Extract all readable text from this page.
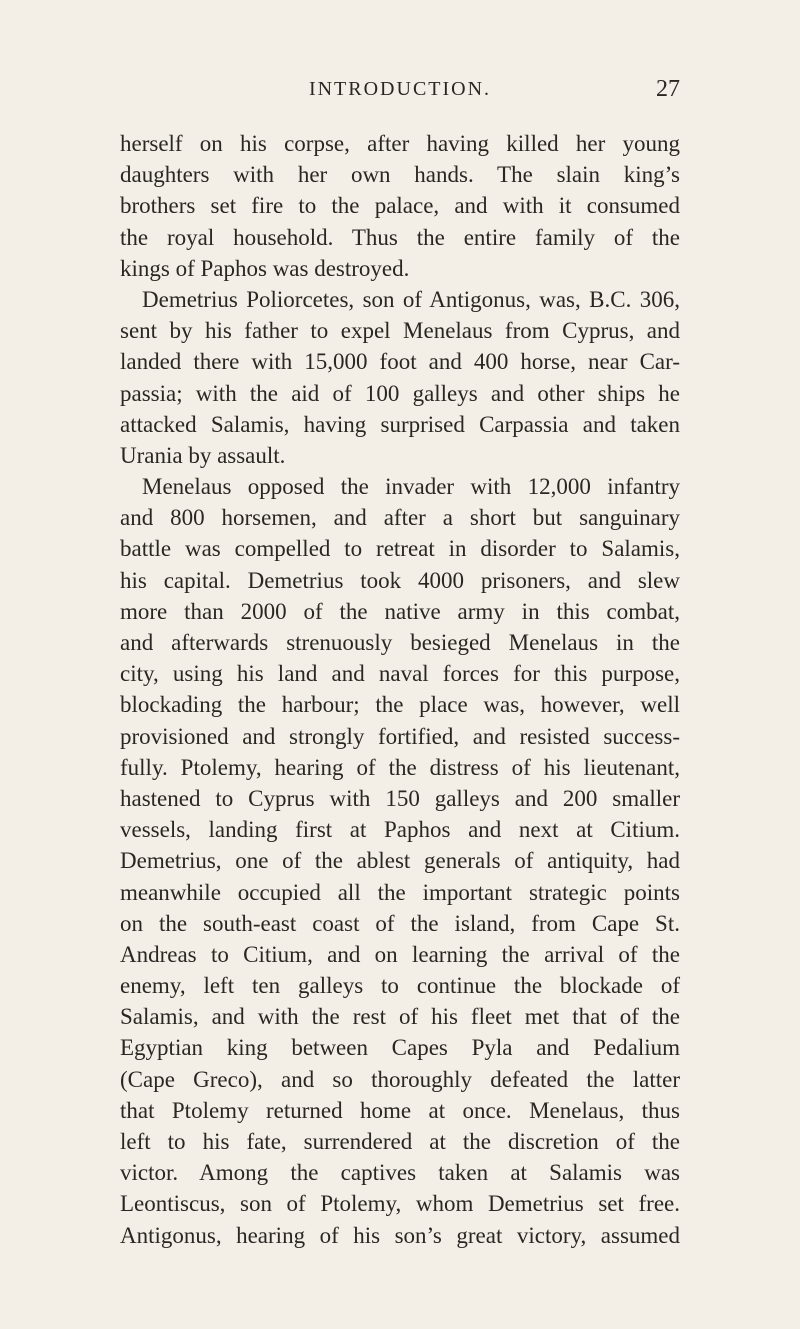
INTRODUCTION.	27
herself on his corpse, after having killed her young
daughters with her own hands. The slain king’s
brothers set fire to the palace, and with it consumed
the royal household. Thus the entire family of the
kings of Paphos was destroyed.
Demetrius Poliorcetes, son of Antigonus, was, B.C. 306,
sent by his father to expel Menelaus from Cyprus, and
landed there with 15,000 foot and 400 horse, near Car-
passia; with the aid of 100 galleys and other ships he
attacked Salamis, having surprised Carpassia and taken
Urania by assault.
Menelaus opposed the invader with 12,000 infantry
and 800 horsemen, and after a short but sanguinary
battle was compelled to retreat in disorder to Salamis,
his capital. Demetrius took 4000 prisoners, and slew
more than 2000 of the native army in this combat,
and afterwards strenuously besieged Menelaus in the
city, using his land and naval forces for this purpose,
blockading the harbour; the place was, however, well
provisioned and strongly fortified, and resisted success-
fully. Ptolemy, hearing of the distress of his lieutenant,
hastened to Cyprus with 150 galleys and 200 smaller
vessels, landing first at Paphos and next at Citium.
Demetrius, one of the ablest generals of antiquity, had
meanwhile occupied all the important strategic points
on the south-east coast of the island, from Cape St.
Andreas to Citium, and on learning the arrival of the
enemy, left ten galleys to continue the blockade of
Salamis, and with the rest of his fleet met that of the
Egyptian king between Capes Pyla and Pedalium
(Cape Greco), and so thoroughly defeated the latter
that Ptolemy returned home at once. Menelaus, thus
left to his fate, surrendered at the discretion of the
victor. Among the captives taken at Salamis was
Leontiscus, son of Ptolemy, whom Demetrius set free.
Antigonus, hearing of his son’s great victory, assumed
